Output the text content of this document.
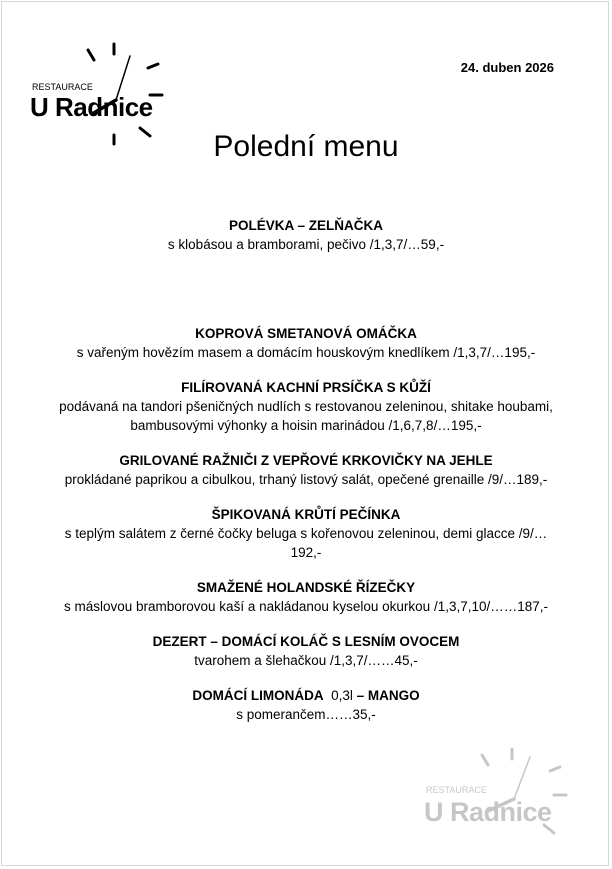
RESTAURACE
U Radnice
RESTAURACE
U Radnice
24. duben 2026
Polední menu
POLÉVKA – ZELŇAČKA
s klobásou a bramborami, pečivo /1,3,7/…59,-
KOPROVÁ SMETANOVÁ OMÁČKA
s vařeným hovězím masem a domácím houskovým knedlíkem /1,3,7/…195,-
FILÍROVANÁ KACHNÍ PRSÍČKA S KŮŽÍ
podávaná na tandori pšeničných nudlích s restovanou zeleninou, shitake houbami, bambusovými výhonky a hoisin marinádou /1,6,7,8/…195,-
GRILOVANÉ RAŽNIČI Z VEPŘOVÉ KRKOVIČKY NA JEHLE
prokládané paprikou a cibulkou, trhaný listový salát, opečené grenaille /9/…189,-
ŠPIKOVANÁ KRŮTÍ PEČÍNKA
s teplým salátem z černé čočky beluga s kořenovou zeleninou, demi glacce /9/…192,-
SMAŽENÉ HOLANDSKÉ ŘÍZEČKY
s máslovou bramborovou kaší a nakládanou kyselou okurkou /1,3,7,10/……187,-
DEZERT – DOMÁCÍ KOLÁČ S LESNÍM OVOCEM
tvarohem a šlehačkou /1,3,7/……45,-
DOMÁCÍ LIMONÁDA 0,3l – MANGO
s pomerančem……35,-
